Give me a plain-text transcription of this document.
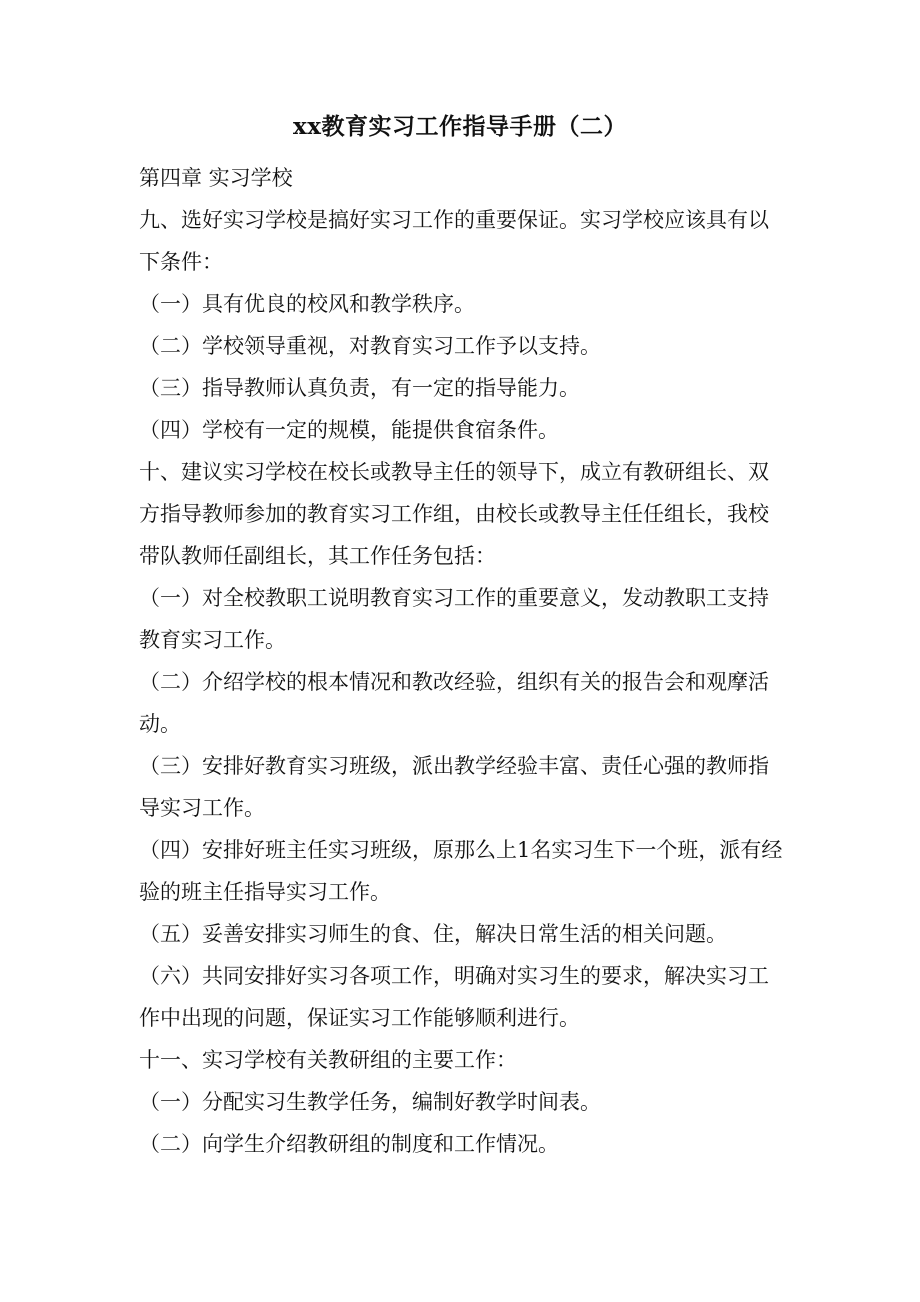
xx教育实习工作指导手册（二）

第四章 实习学校

九、选好实习学校是搞好实习工作的重要保证。实习学校应该具有以下条件：

（一）具有优良的校风和教学秩序。

（二）学校领导重视，对教育实习工作予以支持。

（三）指导教师认真负责，有一定的指导能力。

（四）学校有一定的规模，能提供食宿条件。

十、建议实习学校在校长或教导主任的领导下，成立有教研组长、双方指导教师参加的教育实习工作组，由校长或教导主任任组长，我校带队教师任副组长，其工作任务包括：

（一）对全校教职工说明教育实习工作的重要意义，发动教职工支持教育实习工作。

（二）介绍学校的根本情况和教改经验，组织有关的报告会和观摩活动。

（三）安排好教育实习班级，派出教学经验丰富、责任心强的教师指导实习工作。

（四）安排好班主任实习班级，原那么上1名实习生下一个班，派有经验的班主任指导实习工作。

（五）妥善安排实习师生的食、住，解决日常生活的相关问题。

（六）共同安排好实习各项工作，明确对实习生的要求，解决实习工作中出现的问题，保证实习工作能够顺利进行。

十一、实习学校有关教研组的主要工作：

（一）分配实习生教学任务，编制好教学时间表。

（二）向学生介绍教研组的制度和工作情况。
